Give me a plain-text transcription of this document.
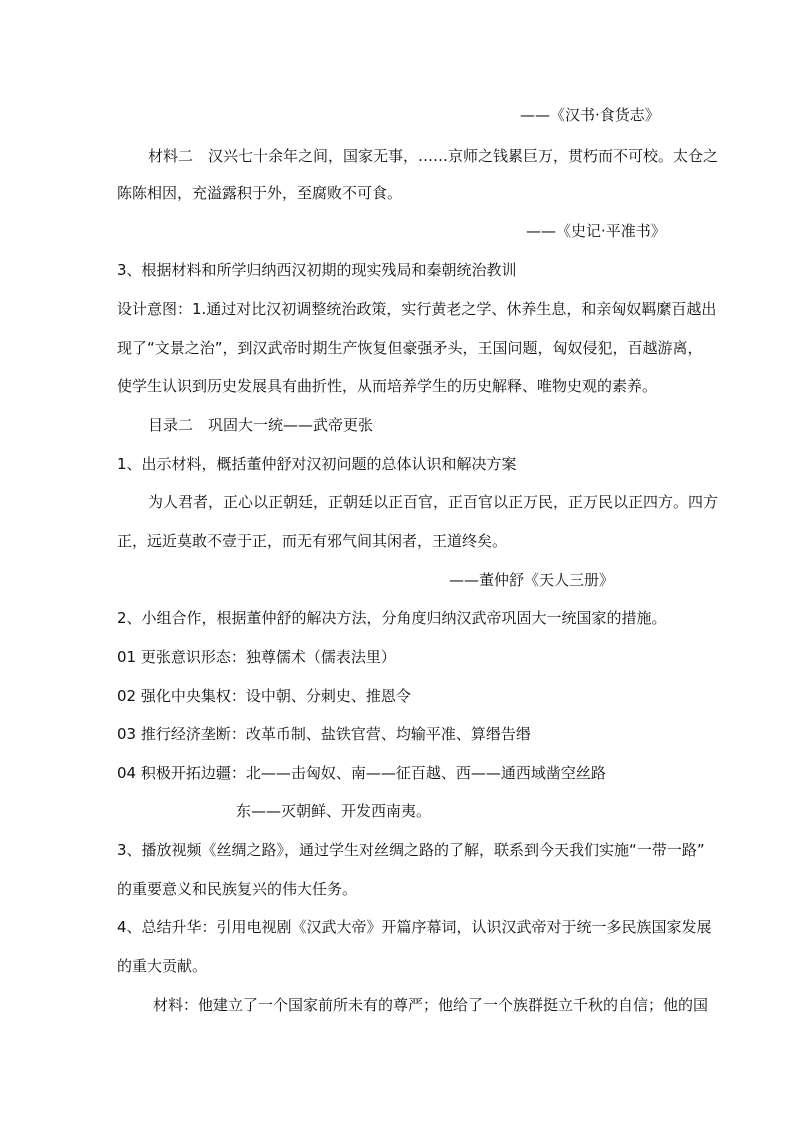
——《汉书·食货志》

材料二　汉兴七十余年之间，国家无事，……京师之钱累巨万，贯朽而不可校。太仓之

陈陈相因，充溢露积于外，至腐败不可食。

——《史记·平准书》

3、根据材料和所学归纳西汉初期的现实残局和秦朝统治教训

设计意图：1.通过对比汉初调整统治政策，实行黄老之学、休养生息，和亲匈奴羁縻百越出

现了“文景之治”，到汉武帝时期生产恢复但豪强矛头，王国问题，匈奴侵犯，百越游离，

使学生认识到历史发展具有曲折性，从而培养学生的历史解释、唯物史观的素养。

目录二　巩固大一统——武帝更张

1、出示材料，概括董仲舒对汉初问题的总体认识和解决方案

为人君者，正心以正朝廷，正朝廷以正百官，正百官以正万民，正万民以正四方。四方

正，远近莫敢不壹于正，而无有邪气间其闲者，王道终矣。

——董仲舒《天人三册》

2、小组合作，根据董仲舒的解决方法，分角度归纳汉武帝巩固大一统国家的措施。

01 更张意识形态：独尊儒术（儒表法里）

02 强化中央集权：设中朝、分刺史、推恩令

03 推行经济垄断：改革币制、盐铁官营、均输平准、算缗告缗

04 积极开拓边疆：北——击匈奴、南——征百越、西——通西域凿空丝路

东——灭朝鲜、开发西南夷。

3、播放视频《丝绸之路》，通过学生对丝绸之路的了解，联系到今天我们实施“一带一路”

的重要意义和民族复兴的伟大任务。

4、总结升华：引用电视剧《汉武大帝》开篇序幕词，认识汉武帝对于统一多民族国家发展

的重大贡献。

材料：他建立了一个国家前所未有的尊严；他给了一个族群挺立千秋的自信；他的国
